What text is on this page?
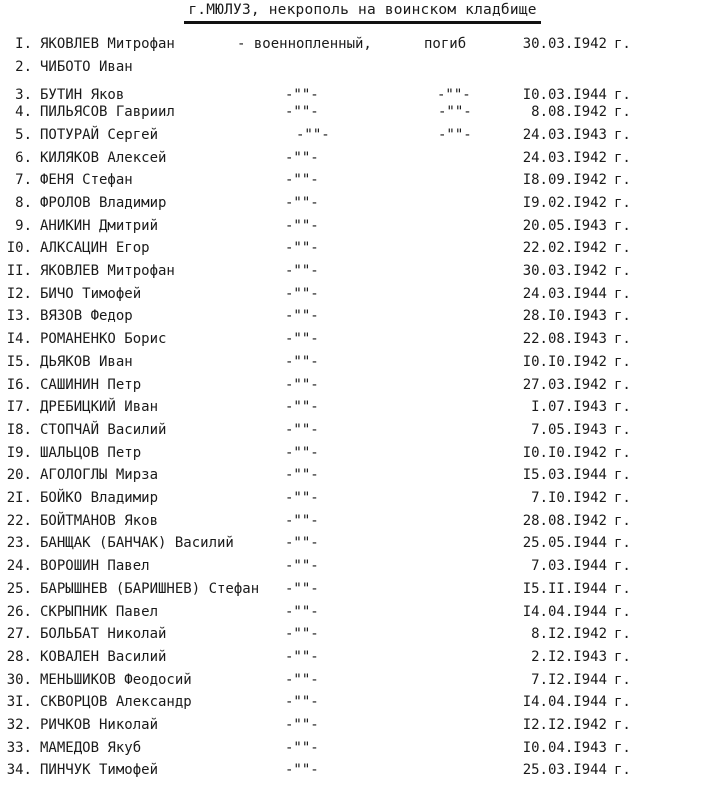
г.МЮЛУЗ, некрополь на воинском кладбище
I. ЯКОВЛЕВ Митрофан	- военнопленный,	погиб	30.03.I942 г.
2. ЧИБОТО Иван
3. БУТИН Яков	-""-	-""-	I0.03.I944 г.
4. ПИЛЬЯСОВ Гавриил	-""-	-""-	8.08.I942 г.
5. ПОТУРАЙ Сергей	-""-	-""-	24.03.I943 г.
6. КИЛЯКОВ Алексей	-""-	24.03.I942 г.
7. ФЕНЯ Стефан	-""-	I8.09.I942 г.
8. ФРОЛОВ Владимир	-""-	I9.02.I942 г.
9. АНИКИН Дмитрий	-""-	20.05.I943 г.
I0. АЛКСАЦИН Егор	-""-	22.02.I942 г.
II. ЯКОВЛЕВ Митрофан	-""-	30.03.I942 г.
I2. БИЧО Тимофей	-""-	24.03.I944 г.
I3. ВЯЗОВ Федор	-""-	28.I0.I943 г.
I4. РОМАНЕНКО Борис	-""-	22.08.I943 г.
I5. ДЬЯКОВ Иван	-""-	I0.I0.I942 г.
I6. САШИНИН Петр	-""-	27.03.I942 г.
I7. ДРЕБИЦКИЙ Иван	-""-	I.07.I943 г.
I8. СТОПЧАЙ Василий	-""-	7.05.I943 г.
I9. ШАЛЬЦОВ Петр	-""-	I0.I0.I942 г.
20. АГОЛОГЛЫ Мирза	-""-	I5.03.I944 г.
2I. БОЙКО Владимир	-""-	7.I0.I942 г.
22. БОЙТМАНОВ Яков	-""-	28.08.I942 г.
23. БАНЩАК (БАНЧАК) Василий	-""-	25.05.I944 г.
24. ВОРОШИН Павел	-""-	7.03.I944 г.
25. БАРЫШНЕВ (БАРИШНЕВ) Стефан -""-	I5.II.I944 г.
26. СКРЫПНИК Павел	-""-	I4.04.I944 г.
27. БОЛЬБАТ Николай	-""-	8.I2.I942 г.
28. КОВАЛЕН Василий	-""-	2.I2.I943 г.
30. МЕНЬШИКОВ Феодосий	-""-	7.I2.I944 г.
3I. СКВОРЦОВ Александр	-""-	I4.04.I944 г.
32. РИЧКОВ Николай	-""-	I2.I2.I942 г.
33. МАМЕДОВ Якуб	-""-	I0.04.I943 г.
34. ПИНЧУК Тимофей	-""-	25.03.I944 г.
